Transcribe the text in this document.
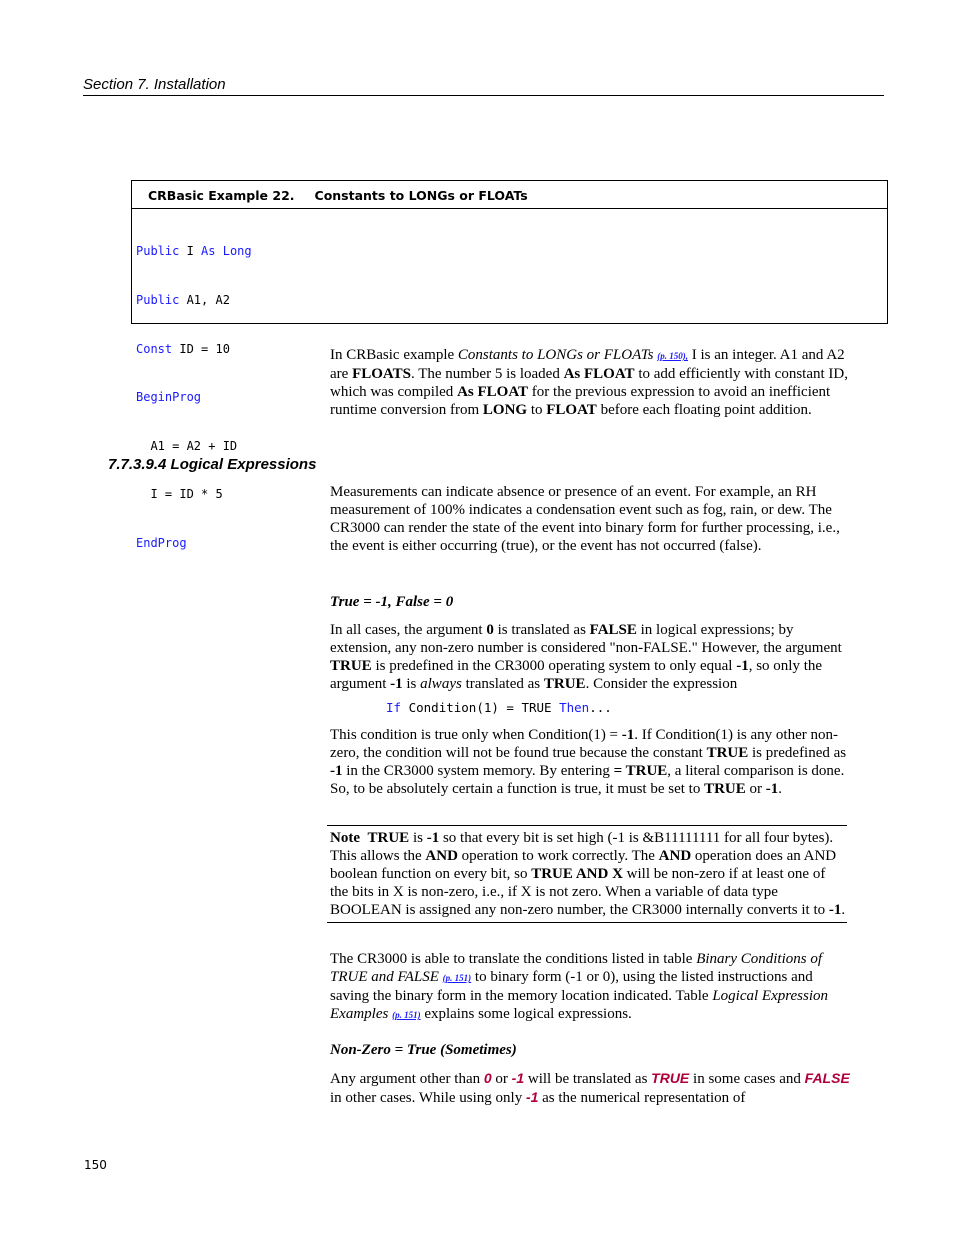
Section 7. Installation
CRBasic Example 22. Constants to LONGs or FLOATs

Public I As Long

Public A1, A2

Const ID = 10

BeginProg

A1 = A2 + ID

I = ID * 5

EndProg

In CRBasic example Constants to LONGs or FLOATs (p. 150), I is an integer. A1 and A2 are FLOATS. The number 5 is loaded As FLOAT to add efficiently with constant ID, which was compiled As FLOAT for the previous expression to avoid an inefficient runtime conversion from LONG to FLOAT before each floating point addition.

7.7.3.9.4 Logical Expressions

Measurements can indicate absence or presence of an event. For example, an RH measurement of 100% indicates a condensation event such as fog, rain, or dew. The CR3000 can render the state of the event into binary form for further processing, i.e., the event is either occurring (true), or the event has not occurred (false).

True = -1, False = 0

In all cases, the argument 0 is translated as FALSE in logical expressions; by extension, any non-zero number is considered "non-FALSE." However, the argument TRUE is predefined in the CR3000 operating system to only equal -1, so only the argument -1 is always translated as TRUE. Consider the expression

If Condition(1) = TRUE Then...

This condition is true only when Condition(1) = -1. If Condition(1) is any other non-zero, the condition will not be found true because the constant TRUE is predefined as -1 in the CR3000 system memory. By entering = TRUE, a literal comparison is done. So, to be absolutely certain a function is true, it must be set to TRUE or -1.

Note TRUE is -1 so that every bit is set high (-1 is &B11111111 for all four bytes). This allows the AND operation to work correctly. The AND operation does an AND boolean function on every bit, so TRUE AND X will be non-zero if at least one of the bits in X is non-zero, i.e., if X is not zero. When a variable of data type BOOLEAN is assigned any non-zero number, the CR3000 internally converts it to -1.

The CR3000 is able to translate the conditions listed in table Binary Conditions of TRUE and FALSE (p. 151) to binary form (-1 or 0), using the listed instructions and saving the binary form in the memory location indicated. Table Logical Expression Examples (p. 151) explains some logical expressions.

Non-Zero = True (Sometimes)

Any argument other than 0 or -1 will be translated as TRUE in some cases and FALSE in other cases. While using only -1 as the numerical representation of

150
